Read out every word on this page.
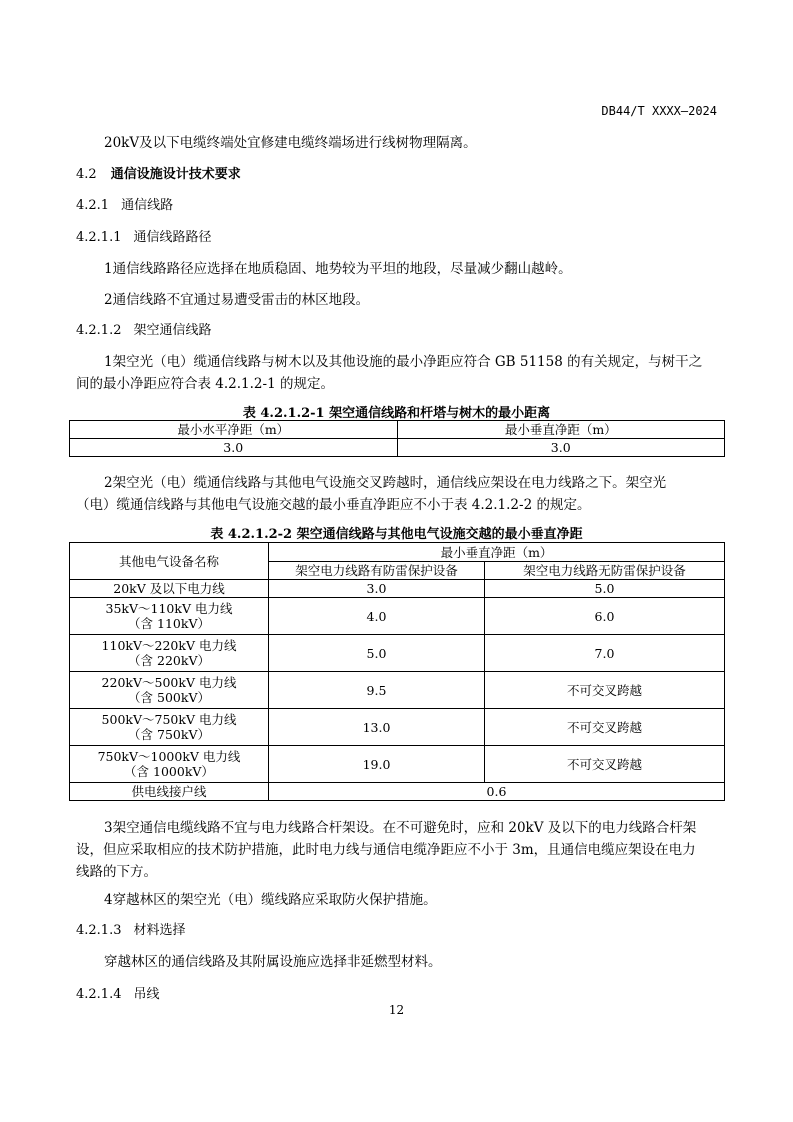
DB44/T XXXX—2024
20kV及以下电缆终端处宜修建电缆终端场进行线树物理隔离。
4.2 通信设施设计技术要求
4.2.1 通信线路
4.2.1.1 通信线路路径
1通信线路路径应选择在地质稳固、地势较为平坦的地段，尽量减少翻山越岭。
2通信线路不宜通过易遭受雷击的林区地段。
4.2.1.2 架空通信线路
1架空光（电）缆通信线路与树木以及其他设施的最小净距应符合 GB 51158 的有关规定，与树干之
间的最小净距应符合表 4.2.1.2-1 的规定。
表 4.2.1.2-1 架空通信线路和杆塔与树木的最小距离
最小水平净距（m）	最小垂直净距（m）
3.0	3.0
2架空光（电）缆通信线路与其他电气设施交叉跨越时，通信线应架设在电力线路之下。架空光
（电）缆通信线路与其他电气设施交越的最小垂直净距应不小于表 4.2.1.2-2 的规定。
表 4.2.1.2-2 架空通信线路与其他电气设施交越的最小垂直净距
其他电气设备名称	最小垂直净距（m）	
	架空电力线路有防雷保护设备	架空电力线路无防雷保护设备

20kV 及以下电力线	3.0	5.0

35kV～110kV 电力线
（含 110kV）	4.0	6.0

110kV～220kV 电力线
（含 220kV）	5.0	7.0

220kV～500kV 电力线
（含 500kV）	9.5	不可交叉跨越

500kV～750kV 电力线
（含 750kV）	13.0	不可交叉跨越

750kV～1000kV 电力线
（含 1000kV）	19.0	不可交叉跨越
供电线接户线	0.6	
3架空通信电缆线路不宜与电力线路合杆架设。在不可避免时，应和 20kV 及以下的电力线路合杆架
设，但应采取相应的技术防护措施，此时电力线与通信电缆净距应不小于 3m，且通信电缆应架设在电力
线路的下方。
4穿越林区的架空光（电）缆线路应采取防火保护措施。
4.2.1.3 材料选择
穿越林区的通信线路及其附属设施应选择非延燃型材料。
4.2.1.4 吊线
12
